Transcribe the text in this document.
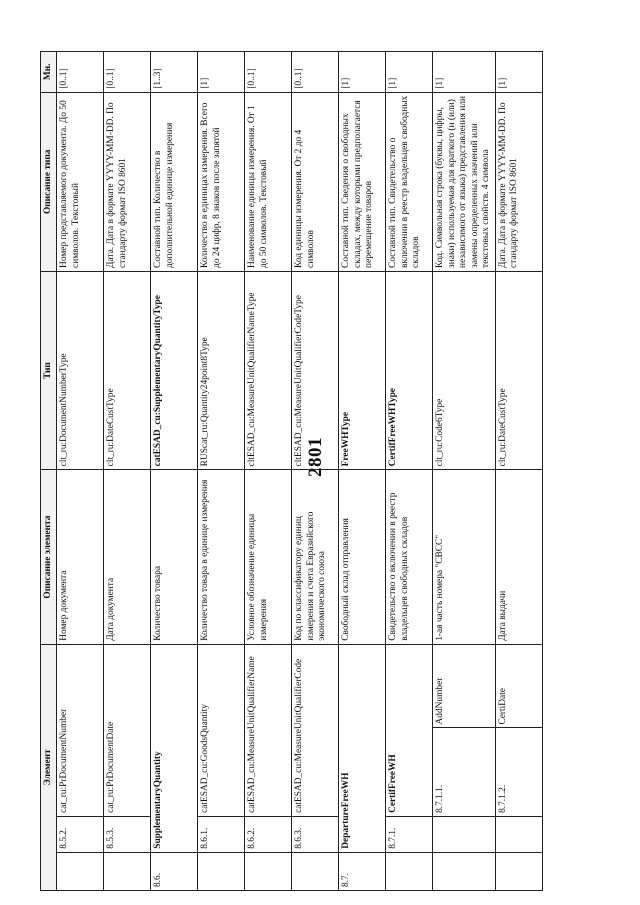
2801
Элемент				Описание элемента	Тип	Описание типа	Мн.
	8.5.2.	cat_ru:PrDocumentNumber		Номер документа	clt_ru:DocumentNumberType	Номер представляемого документа. До 50 символов. Текстовый	[0..1]
	8.5.3.	cat_ru:PrDocumentDate		Дата документа	clt_ru:DateCustType	Дата. Дата в формате YYYY-MM-DD. По стандарту формат ISO 8601	[0..1]
8.6.	SupplementaryQuantity			Количество товара	catESAD_cu:SupplementaryQuantityType	Составной тип. Количество в дополнительной единице измерения	[1..3]
	8.6.1.	catESAD_cu:GoodsQuantity		Количество товара в единице измерения	RUScat_ru:Quantity24point8Type	Количество в единицах измерения. Всего до 24 цифр, 8 знаков после запятой	[1]
	8.6.2.	catESAD_cu:MeasureUnitQualifierName		Условное обозначение единицы измерения	cltESAD_cu:MeasureUnitQualifierNameType	Наименование единицы измерения. От 1 до 50 символов. Текстовый	[0..1]
	8.6.3.	catESAD_cu:MeasureUnitQualifierCode		Код по классификатору единиц измерения и счета Евразийского экономического союза	cltESAD_cu:MeasureUnitQualifierCodeType	Код единицы измерения. От 2 до 4 символов	[0..1]
8.7.	DepartureFreeWH			Свободный склад отправления	FreeWHType	Составной тип. Сведения о свободных складах, между которыми предполагается перемещение товаров	[1]
	8.7.1.	CertifFreeWH		Свидетельство о включении в реестр владельцев свободных складов	CertifFreeWHType	Составной тип. Свидетельство о включении в реестр владельцев свободных складов	[1]
		8.7.1.1.	AddNumber	1-ая часть номера "СВСС"	clt_ru:Code6Type	Код. Символьная строка (буквы, цифры, знаки) используемая для краткого (и (или) независимого от языка) представления или замены определенных значений или текстовых свойств. 4 символа	[1]
		8.7.1.2.	CertiDate	Дата выдачи	clt_ru:DateCustType	Дата. Дата в формате YYYY-MM-DD. По стандарту формат ISO 8601	[1]
